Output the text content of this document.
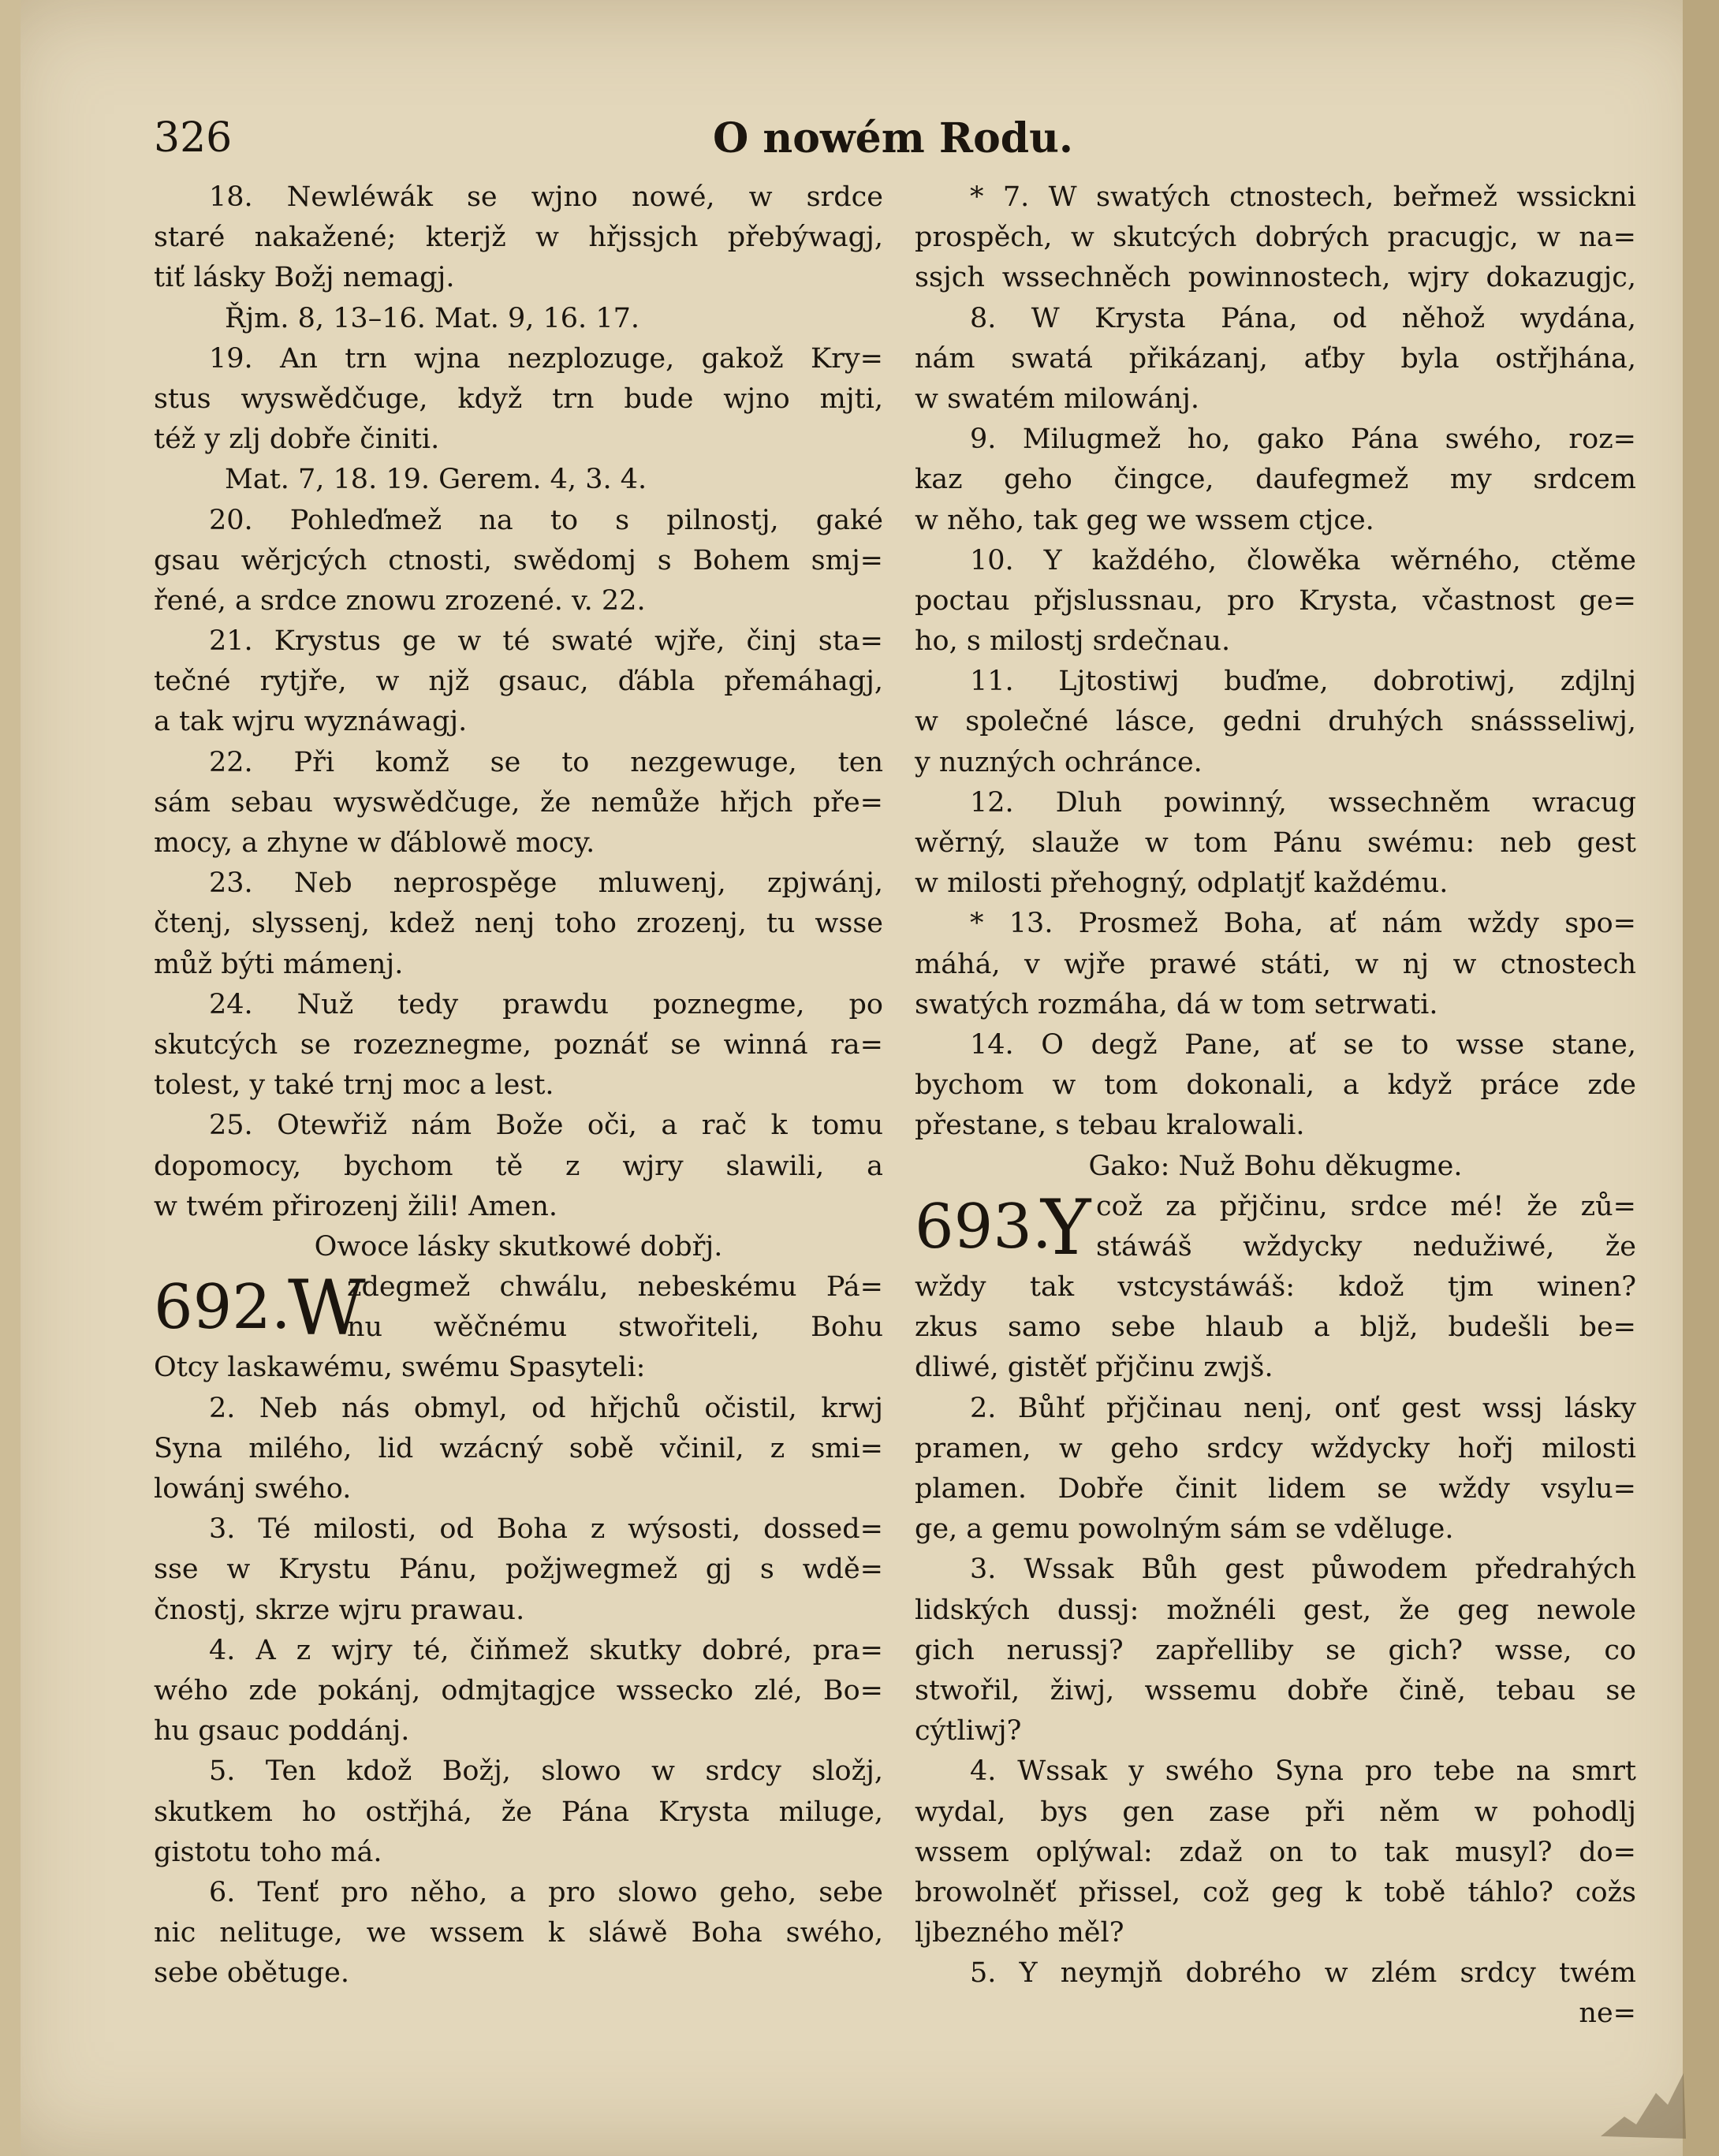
326	O nowém Rodu.
18. Newléwák se wjno nowé, w srdce
staré nakažené; kterjž w hřjssjch přebýwagj,
tiť lásky Božj nemagj.
Řjm. 8, 13–16. Mat. 9, 16. 17.
19. An trn wjna nezplozuge, gakož Kry=
stus wyswědčuge, když trn bude wjno mjti,
též y zlj dobře činiti.
Mat. 7, 18. 19. Gerem. 4, 3. 4.
20. Pohleďmež na to s pilnostj, gaké
gsau wěrjcých ctnosti, swědomj s Bohem smj=
řené, a srdce znowu zrozené. v. 22.
21. Krystus ge w té swaté wjře, činj sta=
tečné rytjře, w njž gsauc, ďábla přemáhagj,
a tak wjru wyznáwagj.
22. Při komž se to nezgewuge, ten
sám sebau wyswědčuge, že nemůže hřjch pře=
mocy, a zhyne w ďáblowě mocy.
23. Neb neprospěge mluwenj, zpjwánj,
čtenj, slyssenj, kdež nenj toho zrozenj, tu wsse
můž býti mámenj.
24. Nuž tedy prawdu poznegme, po
skutcých se rozeznegme, poznáť se winná ra=
tolest, y také trnj moc a lest.
25. Otewřiž nám Bože oči, a rač k tomu
dopomocy, bychom tě z wjry slawili, a
w twém přirozenj žili! Amen.
Owoce lásky skutkowé dobřj.
692.
W
zdegmež chwálu, nebeskému Pá=
nu wěčnému stwořiteli, Bohu
Otcy laskawému, swému Spasyteli:
2. Neb nás obmyl, od hřjchů očistil, krwj
Syna milého, lid wzácný sobě včinil, z smi=
lowánj swého.
3. Té milosti, od Boha z wýsosti, dossed=
sse w Krystu Pánu, požjwegmež gj s wdě=
čnostj, skrze wjru prawau.
4. A z wjry té, čiňmež skutky dobré, pra=
wého zde pokánj, odmjtagjce wssecko zlé, Bo=
hu gsauc poddánj.
5. Ten kdož Božj, slowo w srdcy složj,
skutkem ho ostřjhá, že Pána Krysta miluge,
gistotu toho má.
6. Tenť pro něho, a pro slowo geho, sebe
nic nelituge, we wssem k sláwě Boha swého,
sebe obětuge.
* 7. W swatých ctnostech, beřmež wssickni
prospěch, w skutcých dobrých pracugjc, w na=
ssjch wssechněch powinnostech, wjry dokazugjc,
8. W Krysta Pána, od něhož wydána,
nám swatá přikázanj, aťby byla ostřjhána,
w swatém milowánj.
9. Milugmež ho, gako Pána swého, roz=
kaz geho čingce, daufegmež my srdcem
w něho, tak geg we wssem ctjce.
10. Y každého, člowěka wěrného, ctěme
poctau přjslussnau, pro Krysta, včastnost ge=
ho, s milostj srdečnau.
11. Ljtostiwj buďme, dobrotiwj, zdjlnj
w společné lásce, gedni druhých snássseliwj,
y nuzných ochránce.
12. Dluh powinný, wssechněm wracug
wěrný, slauže w tom Pánu swému: neb gest
w milosti přehogný, odplatjť každému.
* 13. Prosmež Boha, ať nám wždy spo=
máhá, v wjře prawé státi, w nj w ctnostech
swatých rozmáha, dá w tom setrwati.
14. O degž Pane, ať se to wsse stane,
bychom w tom dokonali, a když práce zde
přestane, s tebau kralowali.
Gako: Nuž Bohu děkugme.
693.
Y což za přjčinu, srdce mé! že zů=
stáwáš wždycky nedužiwé, že
wždy tak vstcystáwáš: kdož tjm winen?
zkus samo sebe hlaub a bljž, budešli be=
dliwé, gistěť přjčinu zwjš.
2. Bůhť přjčinau nenj, onť gest wssj lásky
pramen, w geho srdcy wždycky hořj milosti
plamen. Dobře činit lidem se wždy vsylu=
ge, a gemu powolným sám se vděluge.
3. Wssak Bůh gest půwodem předrahých
lidských dussj: možnéli gest, že geg newole
gich nerussj? zapřelliby se gich? wsse, co
stwořil, žiwj, wssemu dobře čině, tebau se
cýtliwj?
4. Wssak y swého Syna pro tebe na smrt
wydal, bys gen zase při něm w pohodlj
wssem oplýwal: zdaž on to tak musyl? do=
browolněť přissel, což geg k tobě táhlo? cožs
ljbezného měl?
5. Y neymjň dobrého w zlém srdcy twém
ne=
